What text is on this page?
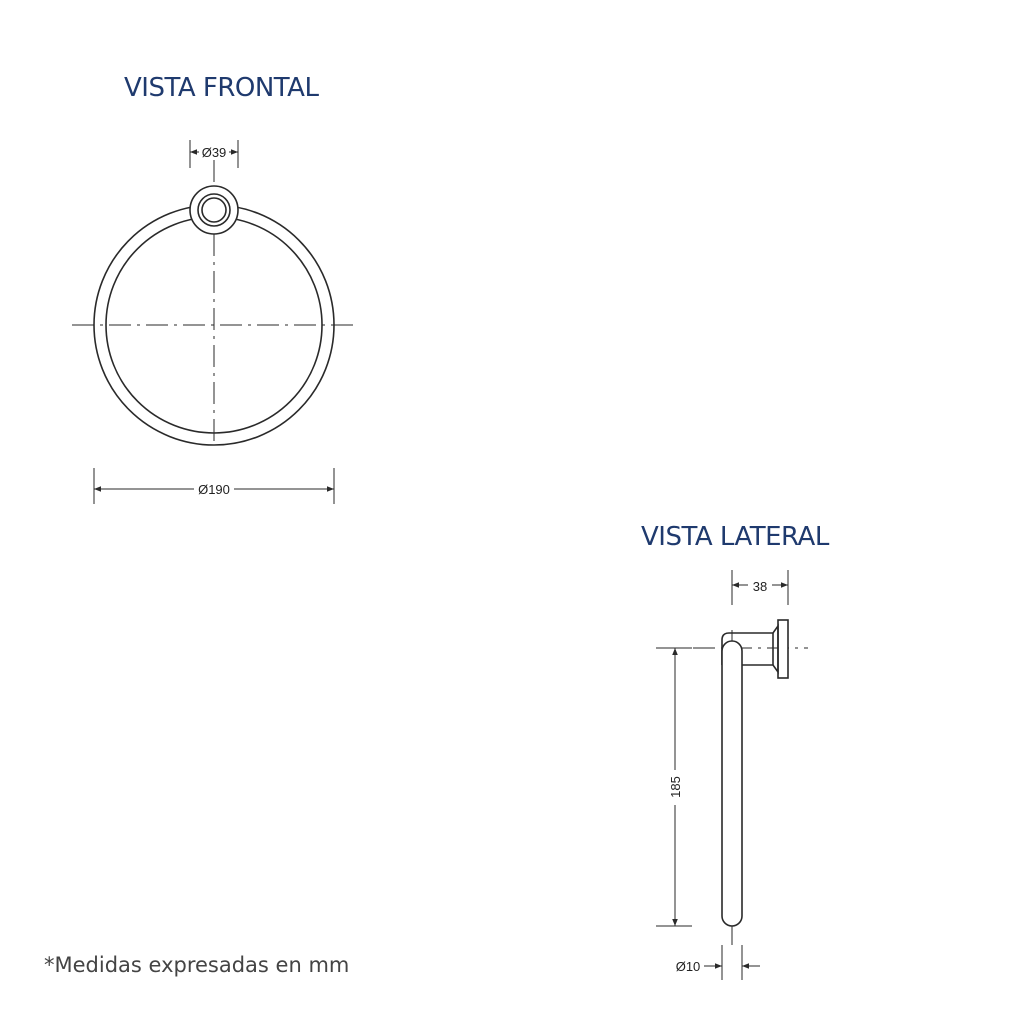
VISTA FRONTAL
VISTA LATERAL
*Medidas expresadas en mm
Ø39
Ø190
38
185
Ø10
